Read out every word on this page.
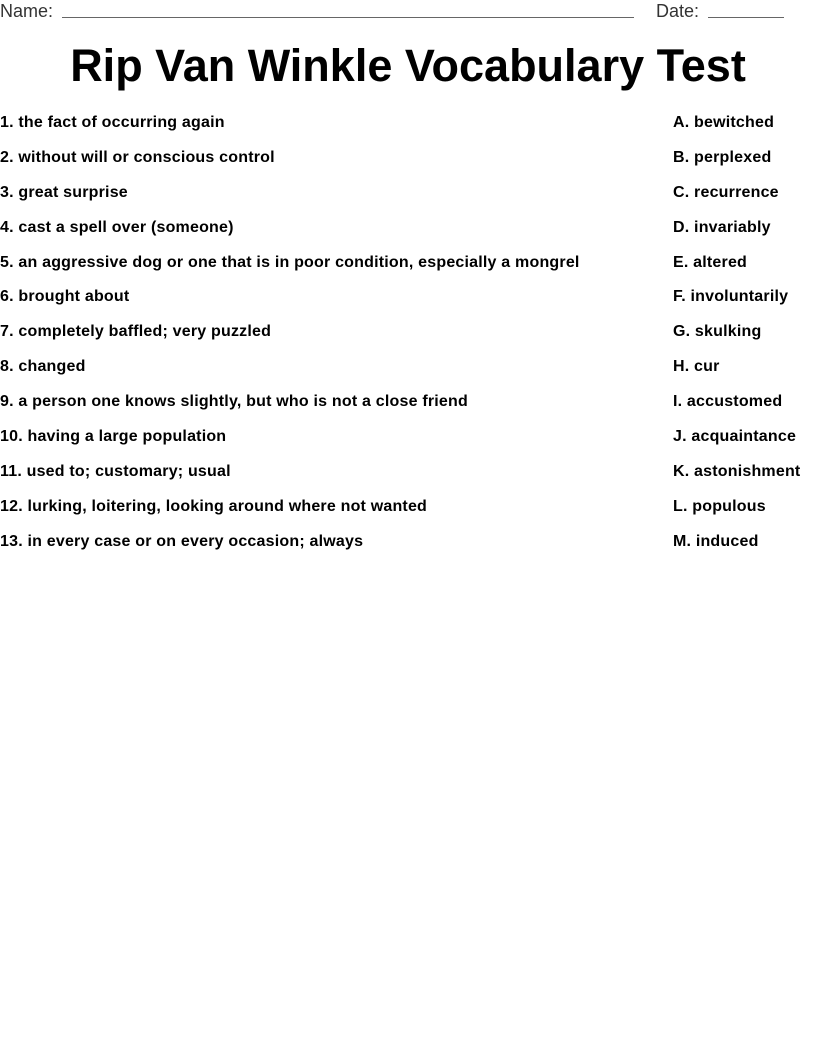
Name:	Date:
Rip Van Winkle Vocabulary Test
1. the fact of occurring again
2. without will or conscious control
3. great surprise
4. cast a spell over (someone)
5. an aggressive dog or one that is in poor condition, especially a mongrel
6. brought about
7. completely baffled; very puzzled
8. changed
9. a person one knows slightly, but who is not a close friend
10. having a large population
11. used to; customary; usual
12. lurking, loitering, looking around where not wanted
13. in every case or on every occasion; always
A. bewitched
B. perplexed
C. recurrence
D. invariably
E. altered
F. involuntarily
G. skulking
H. cur
I. accustomed
J. acquaintance
K. astonishment
L. populous
M. induced
